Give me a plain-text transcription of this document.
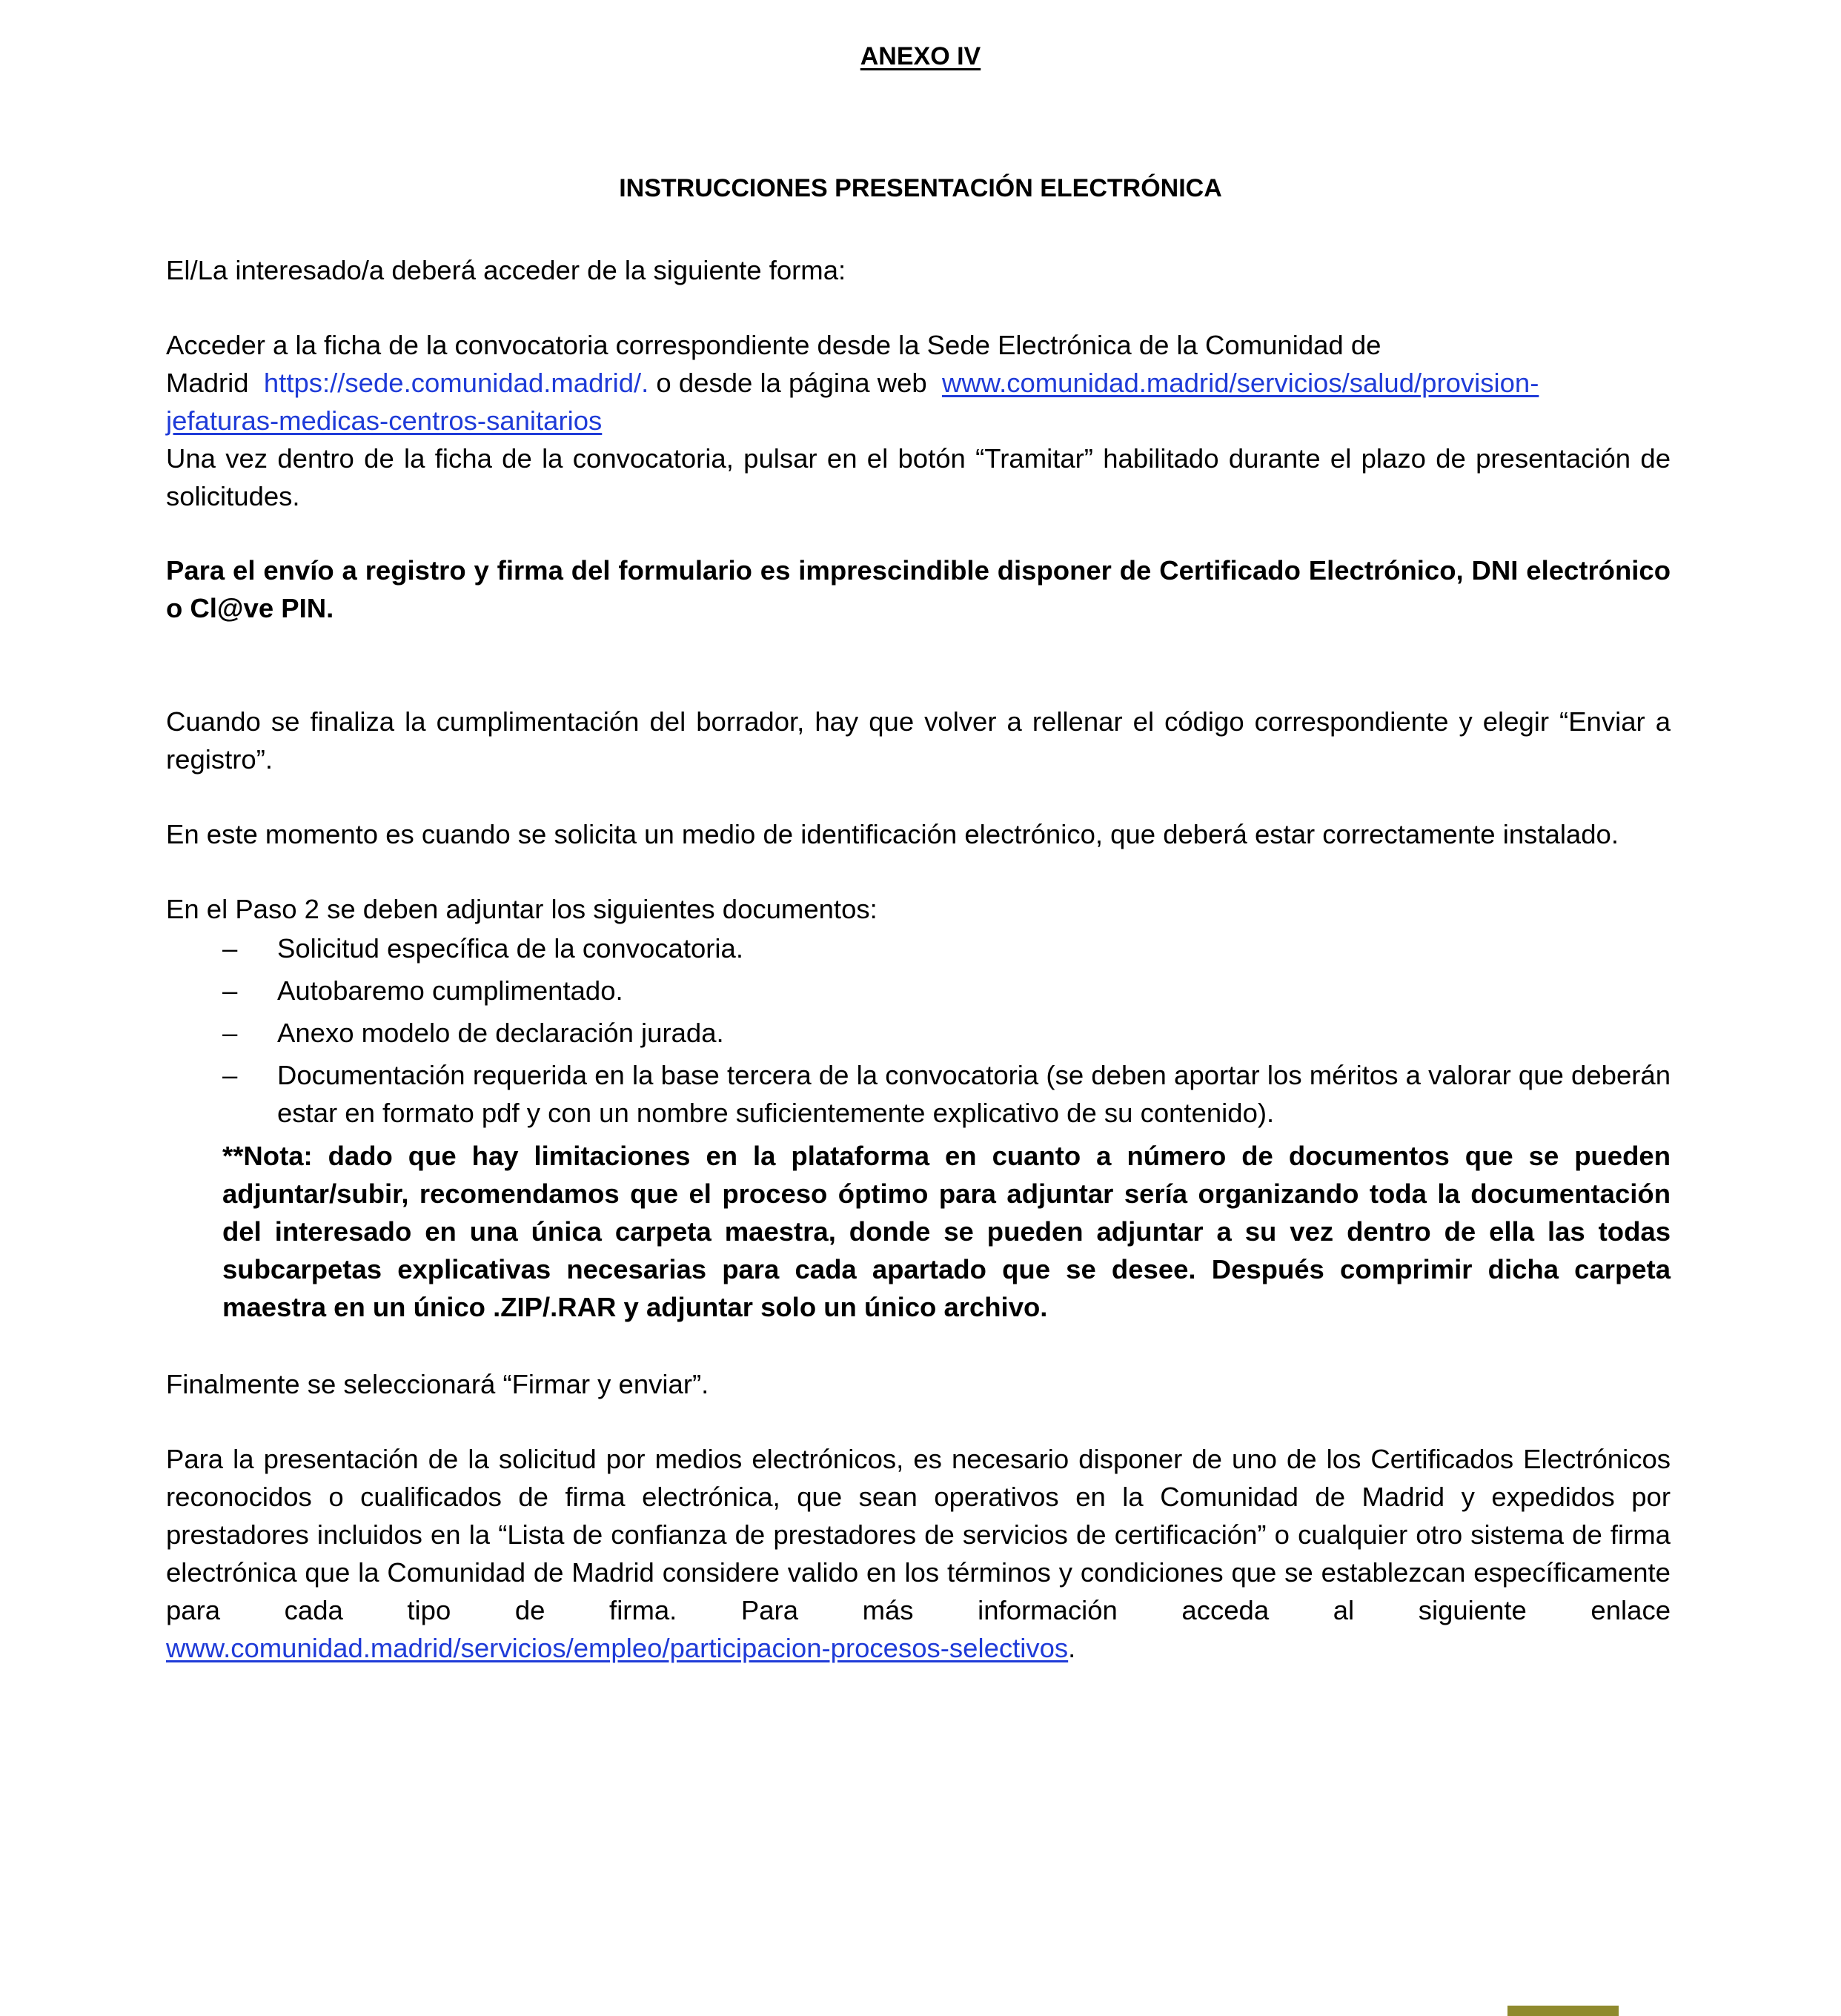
ANEXO IV
INSTRUCCIONES PRESENTACIÓN ELECTRÓNICA
El/La interesado/a deberá acceder de la siguiente forma:
Acceder a la ficha de la convocatoria correspondiente desde la Sede Electrónica de la Comunidad de
Madrid https://sede.comunidad.madrid/. o desde la página web  www.comunidad.madrid/servicios/salud/provision-
jefaturas-medicas-centros-sanitarios
Una vez dentro de la ficha de la convocatoria, pulsar en el botón “Tramitar” habilitado durante el plazo de presentación de solicitudes.
Para el envío a registro y firma del formulario es imprescindible disponer de Certificado Electrónico, DNI electrónico o Cl@ve PIN.
Cuando se finaliza la cumplimentación del borrador, hay que volver a rellenar el código correspondiente y elegir “Enviar a registro”.
En este momento es cuando se solicita un medio de identificación electrónico, que deberá estar correctamente instalado.
En el Paso 2 se deben adjuntar los siguientes documentos:
– Solicitud específica de la convocatoria.
– Autobaremo cumplimentado.
– Anexo modelo de declaración jurada.
– Documentación requerida en la base tercera de la convocatoria (se deben aportar los méritos a valorar que deberán estar en formato pdf y con un nombre suficientemente explicativo de su contenido).
**Nota: dado que hay limitaciones en la plataforma en cuanto a número de documentos que se pueden adjuntar/subir, recomendamos que el proceso óptimo para adjuntar sería organizando toda la documentación del interesado en una única carpeta maestra, donde se pueden adjuntar a su vez dentro de ella las todas subcarpetas explicativas necesarias para cada apartado que se desee. Después comprimir dicha carpeta maestra en un único .ZIP/.RAR y adjuntar solo un único archivo.
Finalmente se seleccionará “Firmar y enviar”.
Para la presentación de la solicitud por medios electrónicos, es necesario disponer de uno de los Certificados Electrónicos reconocidos o cualificados de firma electrónica, que sean operativos en la Comunidad de Madrid y expedidos por prestadores incluidos en la “Lista de confianza de prestadores de servicios de certificación” o cualquier otro sistema de firma electrónica que la Comunidad de Madrid considere valido en los términos y condiciones que se establezcan específicamente para cada tipo de firma. Para más información acceda al siguiente enlace
www.comunidad.madrid/servicios/empleo/participacion-procesos-selectivos.
